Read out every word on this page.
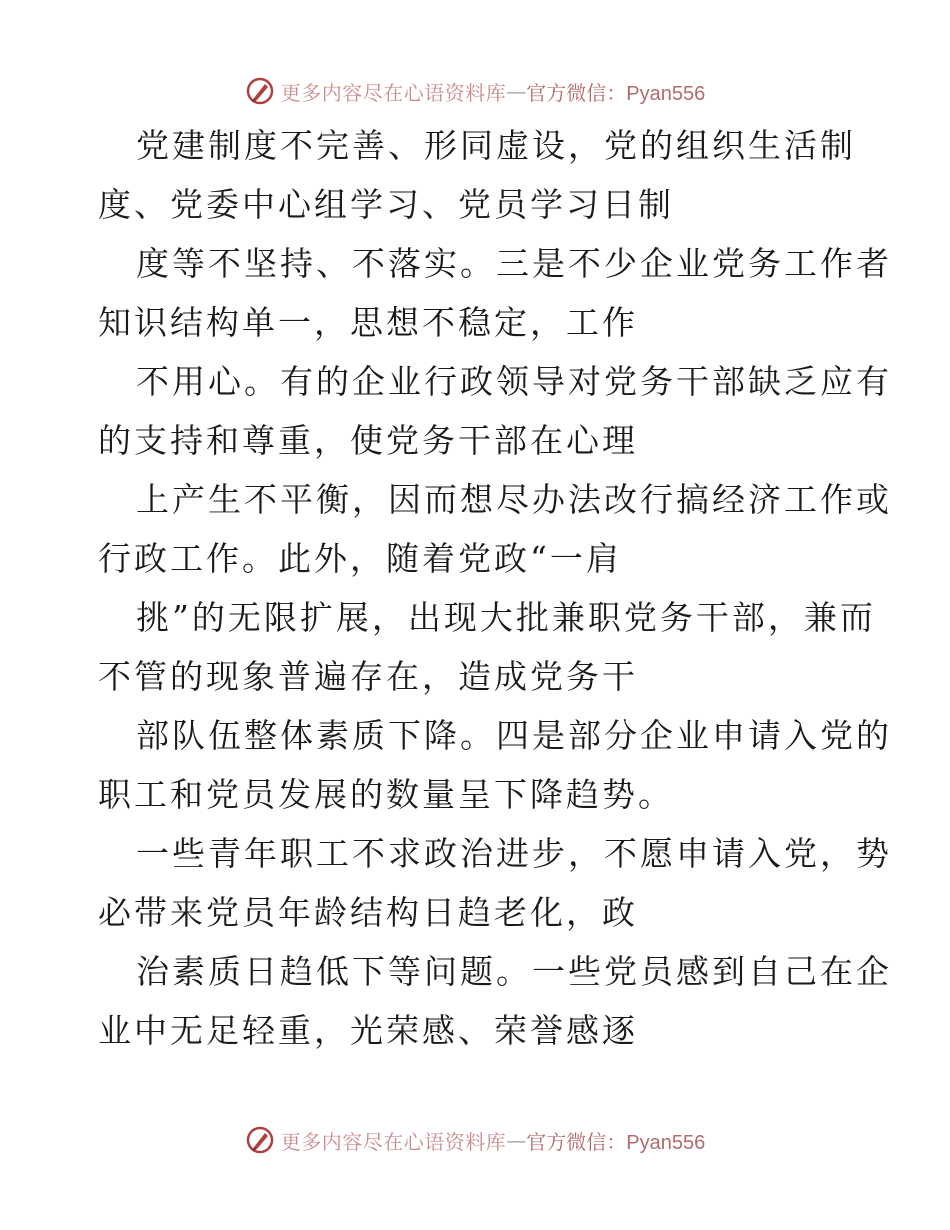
更多内容尽在心语资料库 — 官方微信：Pyan556
党建制度不完善、形同虚设，党的组织生活制
度、党委中心组学习、党员学习日制
度等不坚持、不落实。三是不少企业党务工作者
知识结构单一，思想不稳定，工作
不用心。有的企业行政领导对党务干部缺乏应有
的支持和尊重，使党务干部在心理
上产生不平衡，因而想尽办法改行搞经济工作或
行政工作。此外，随着党政“一肩
挑”的无限扩展，出现大批兼职党务干部，兼而
不管的现象普遍存在，造成党务干
部队伍整体素质下降。四是部分企业申请入党的
职工和党员发展的数量呈下降趋势。
一些青年职工不求政治进步，不愿申请入党，势
必带来党员年龄结构日趋老化，政
治素质日趋低下等问题。一些党员感到自己在企
业中无足轻重，光荣感、荣誉感逐
更多内容尽在心语资料库 — 官方微信：Pyan556
